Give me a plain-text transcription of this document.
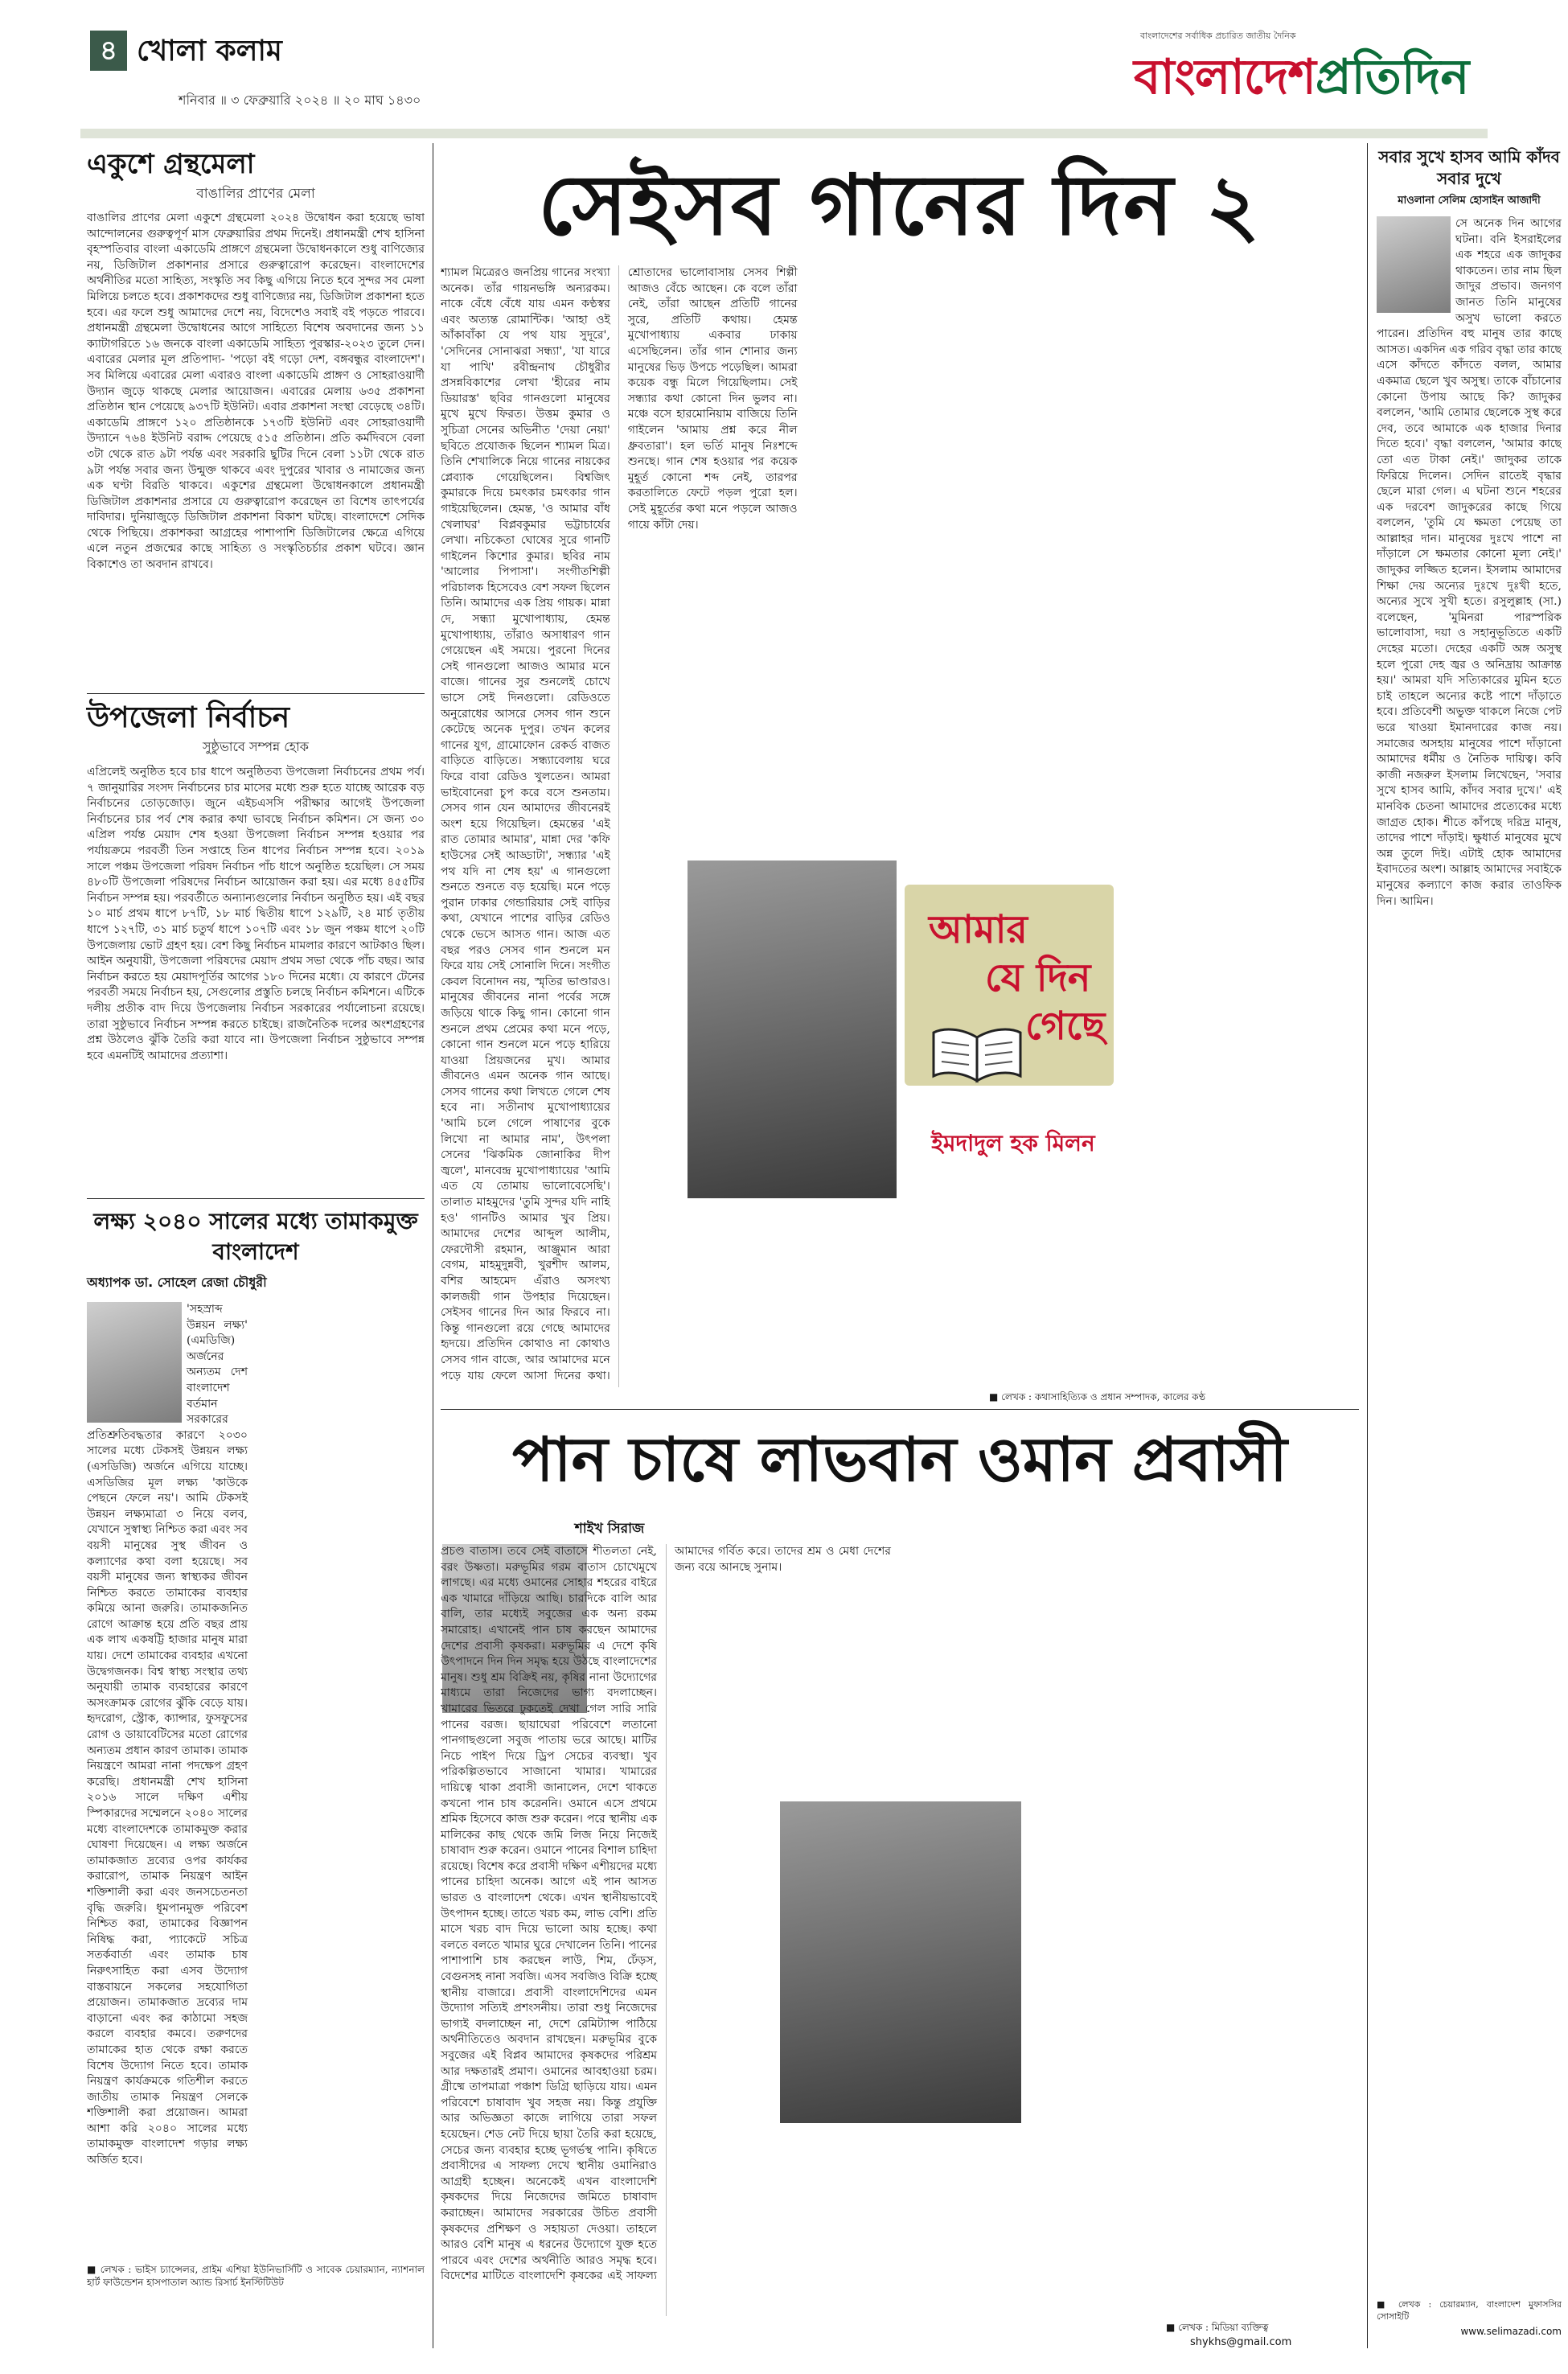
৪ খোলা কলাম
শনিবার ॥ ৩ ফেব্রুয়ারি ২০২৪ ॥ ২০ মাঘ ১৪৩০
বাংলাদেশের সর্বাধিক প্রচারিত জাতীয় দৈনিক
বাংলাদেশপ্রতিদিন
একুশে গ্রন্থমেলা
বাঙালির প্রাণের মেলা
বাঙালির প্রাণের মেলা একুশে গ্রন্থমেলা ২০২৪ উদ্বোধন করা হয়েছে ভাষা আন্দোলনের গুরুত্বপূর্ণ মাস ফেব্রুয়ারির প্রথম দিনেই। প্রধানমন্ত্রী শেখ হাসিনা বৃহস্পতিবার বাংলা একাডেমি প্রাঙ্গণে গ্রন্থমেলা উদ্বোধনকালে শুধু বাণিজ্যের নয়, ডিজিটাল প্রকাশনার প্রসারে গুরুত্বারোপ করেছেন। বাংলাদেশের অর্থনীতির মতো সাহিত্য, সংস্কৃতি সব কিছু এগিয়ে নিতে হবে সুন্দর সব মেলা মিলিয়ে চলতে হবে। প্রকাশকদের শুধু বাণিজ্যের নয়, ডিজিটাল প্রকাশনা হতে হবে। এর ফলে শুধু আমাদের দেশে নয়, বিদেশেও সবাই বই পড়তে পারবে। প্রধানমন্ত্রী গ্রন্থমেলা উদ্বোধনের আগে সাহিত্যে বিশেষ অবদানের জন্য ১১ ক্যাটাগরিতে ১৬ জনকে বাংলা একাডেমি সাহিত্য পুরস্কার-২০২৩ তুলে দেন। এবারের মেলার মূল প্রতিপাদ্য- 'পড়ো বই গড়ো দেশ, বঙ্গবন্ধুর বাংলাদেশ'। সব মিলিয়ে এবারের মেলা এবারও বাংলা একাডেমি প্রাঙ্গণ ও সোহরাওয়ার্দী উদ্যান জুড়ে থাকছে মেলার আয়োজন। এবারের মেলায় ৬৩৫ প্রকাশনা প্রতিষ্ঠান স্থান পেয়েছে ৯৩৭টি ইউনিট। এবার প্রকাশনা সংস্থা বেড়েছে ৩৪টি। একাডেমি প্রাঙ্গণে ১২০ প্রতিষ্ঠানকে ১৭৩টি ইউনিট এবং সোহরাওয়ার্দী উদ্যানে ৭৬৪ ইউনিট বরাদ্দ পেয়েছে ৫১৫ প্রতিষ্ঠান। প্রতি কর্মদিবসে বেলা ৩টা থেকে রাত ৯টা পর্যন্ত এবং সরকারি ছুটির দিনে বেলা ১১টা থেকে রাত ৯টা পর্যন্ত সবার জন্য উন্মুক্ত থাকবে এবং দুপুরের খাবার ও নামাজের জন্য এক ঘণ্টা বিরতি থাকবে। একুশের গ্রন্থমেলা উদ্বোধনকালে প্রধানমন্ত্রী ডিজিটাল প্রকাশনার প্রসারে যে গুরুত্বারোপ করেছেন তা বিশেষ তাৎপর্যের দাবিদার। দুনিয়াজুড়ে ডিজিটাল প্রকাশনা বিকাশ ঘটছে। বাংলাদেশে সেদিক থেকে পিছিয়ে। প্রকাশকরা আগ্রহের পাশাপাশি ডিজিটালের ক্ষেত্রে এগিয়ে এলে নতুন প্রজন্মের কাছে সাহিত্য ও সংস্কৃতিচর্চার প্রকাশ ঘটবে। জ্ঞান বিকাশেও তা অবদান রাখবে।
উপজেলা নির্বাচন
সুষ্ঠুভাবে সম্পন্ন হোক
এপ্রিলেই অনুষ্ঠিত হবে চার ধাপে অনুষ্ঠিতব্য উপজেলা নির্বাচনের প্রথম পর্ব। ৭ জানুয়ারির সংসদ নির্বাচনের চার মাসের মধ্যে শুরু হতে যাচ্ছে আরেক বড় নির্বাচনের তোড়জোড়। জুনে এইচএসসি পরীক্ষার আগেই উপজেলা নির্বাচনের চার পর্ব শেষ করার কথা ভাবছে নির্বাচন কমিশন। সে জন্য ৩০ এপ্রিল পর্যন্ত মেয়াদ শেষ হওয়া উপজেলা নির্বাচন সম্পন্ন হওয়ার পর পর্যায়ক্রমে পরবর্তী তিন সপ্তাহে তিন ধাপের নির্বাচন সম্পন্ন হবে। ২০১৯ সালে পঞ্চম উপজেলা পরিষদ নির্বাচন পাঁচ ধাপে অনুষ্ঠিত হয়েছিল। সে সময় ৪৮০টি উপজেলা পরিষদের নির্বাচন আয়োজন করা হয়। এর মধ্যে ৪৫৫টির নির্বাচন সম্পন্ন হয়। পরবর্তীতে অন্যান্যগুলোর নির্বাচন অনুষ্ঠিত হয়। এই বছর ১০ মার্চ প্রথম ধাপে ৮৭টি, ১৮ মার্চ দ্বিতীয় ধাপে ১২৯টি, ২৪ মার্চ তৃতীয় ধাপে ১২৭টি, ৩১ মার্চ চতুর্থ ধাপে ১০৭টি এবং ১৮ জুন পঞ্চম ধাপে ২০টি উপজেলায় ভোট গ্রহণ হয়। বেশ কিছু নির্বাচন মামলার কারণে আটকাও ছিল। আইন অনুযায়ী, উপজেলা পরিষদের মেয়াদ প্রথম সভা থেকে পাঁচ বছর। আর নির্বাচন করতে হয় মেয়াদপূর্তির আগের ১৮০ দিনের মধ্যে। যে কারণে টেনের পরবর্তী সময়ে নির্বাচন হয়, সেগুলোর প্রস্তুতি চলছে নির্বাচন কমিশনে। এটিকে দলীয় প্রতীক বাদ দিয়ে উপজেলায় নির্বাচন সরকারের পর্যালোচনা রয়েছে। তারা সুষ্ঠুভাবে নির্বাচন সম্পন্ন করতে চাইছে। রাজনৈতিক দলের অংশগ্রহণের প্রশ্ন উঠলেও ঝুঁকি তৈরি করা যাবে না। উপজেলা নির্বাচন সুষ্ঠুভাবে সম্পন্ন হবে এমনটিই আমাদের প্রত্যাশা।
লক্ষ্য ২০৪০ সালের মধ্যে তামাকমুক্ত বাংলাদেশ
অধ্যাপক ডা. সোহেল রেজা চৌধুরী
'সহস্রাব্দ উন্নয়ন লক্ষ্য' (এমডিজি) অর্জনের অন্যতম দেশ বাংলাদেশ বর্তমান সরকারের প্রতিশ্রুতিবদ্ধতার কারণে ২০৩০ সালের মধ্যে টেকসই উন্নয়ন লক্ষ্য (এসডিজি) অর্জনে এগিয়ে যাচ্ছে। এসডিজির মূল লক্ষ্য 'কাউকে পেছনে ফেলে নয়'। আমি টেকসই উন্নয়ন লক্ষ্যমাত্রা ৩ নিয়ে বলব, যেখানে সুস্বাস্থ্য নিশ্চিত করা এবং সব বয়সী মানুষের সুস্থ জীবন ও কল্যাণের কথা বলা হয়েছে। সব বয়সী মানুষের জন্য স্বাস্থ্যকর জীবন নিশ্চিত করতে তামাকের ব্যবহার কমিয়ে আনা জরুরি। তামাকজনিত রোগে আক্রান্ত হয়ে প্রতি বছর প্রায় এক লাখ একষট্টি হাজার মানুষ মারা যায়। দেশে তামাকের ব্যবহার এখনো উদ্বেগজনক। বিশ্ব স্বাস্থ্য সংস্থার তথ্য অনুযায়ী তামাক ব্যবহারের কারণে অসংক্রামক রোগের ঝুঁকি বেড়ে যায়। হৃদরোগ, স্ট্রোক, ক্যান্সার, ফুসফুসের রোগ ও ডায়াবেটিসের মতো রোগের অন্যতম প্রধান কারণ তামাক। তামাক নিয়ন্ত্রণে আমরা নানা পদক্ষেপ গ্রহণ করেছি। প্রধানমন্ত্রী শেখ হাসিনা ২০১৬ সালে দক্ষিণ এশীয় স্পিকারদের সম্মেলনে ২০৪০ সালের মধ্যে বাংলাদেশকে তামাকমুক্ত করার ঘোষণা দিয়েছেন। এ লক্ষ্য অর্জনে তামাকজাত দ্রব্যের ওপর কার্যকর করারোপ, তামাক নিয়ন্ত্রণ আইন শক্তিশালী করা এবং জনসচেতনতা বৃদ্ধি জরুরি। ধূমপানমুক্ত পরিবেশ নিশ্চিত করা, তামাকের বিজ্ঞাপন নিষিদ্ধ করা, প্যাকেটে সচিত্র সতর্কবার্তা এবং তামাক চাষ নিরুৎসাহিত করা এসব উদ্যোগ বাস্তবায়নে সকলের সহযোগিতা প্রয়োজন। তামাকজাত দ্রব্যের দাম বাড়ানো এবং কর কাঠামো সহজ করলে ব্যবহার কমবে। তরুণদের তামাকের হাত থেকে রক্ষা করতে বিশেষ উদ্যোগ নিতে হবে। তামাক নিয়ন্ত্রণ কার্যক্রমকে গতিশীল করতে জাতীয় তামাক নিয়ন্ত্রণ সেলকে শক্তিশালী করা প্রয়োজন। আমরা আশা করি ২০৪০ সালের মধ্যে তামাকমুক্ত বাংলাদেশ গড়ার লক্ষ্য অর্জিত হবে।
■ লেখক : ভাইস চ্যান্সেলর, প্রাইম এশিয়া ইউনিভার্সিটি ও সাবেক চেয়ারম্যান, ন্যাশনাল হার্ট ফাউন্ডেশন হাসপাতাল অ্যান্ড রিসার্চ ইনস্টিটিউট
সেইসব গানের দিন ২
আমার
যে দিন
গেছে
ইমদাদুল হক মিলন
শ্যামল মিত্রেরও জনপ্রিয় গানের সংখ্যা অনেক। তাঁর গায়নভঙ্গি অন্যরকম। নাকে বেঁধে বেঁধে যায় এমন কণ্ঠস্বর এবং অত্যন্ত রোমান্টিক। 'আহা ওই আঁকাবাঁকা যে পথ যায় সুদূরে', 'সেদিনের সোনাঝরা সন্ধ্যা', 'যা যারে যা পাখি' রবীন্দ্রনাথ চৌধুরীর প্রসন্নবিকাশের লেখা 'হীরের নাম ডিয়ারস্ত' ছবির গানগুলো মানুষের মুখে মুখে ফিরত। উত্তম কুমার ও সুচিত্রা সেনের অভিনীত 'দেয়া নেয়া' ছবিতে প্রযোজক ছিলেন শ্যামল মিত্র। তিনি শেখালিকে নিয়ে গানের নায়কের প্লেব্যাক গেয়েছিলেন। বিশ্বজিৎ কুমারকে দিয়ে চমৎকার চমৎকার গান গাইয়েছিলেন। হেমন্ত, 'ও আমার বাঁধ খেলাঘর' বিপ্লবকুমার ভট্টাচার্যের লেখা। নচিকেতা ঘোষের সুরে গানটি গাইলেন কিশোর কুমার। ছবির নাম 'আলোর পিপাসা'। সংগীতশিল্পী পরিচালক হিসেবেও বেশ সফল ছিলেন তিনি। আমাদের এক প্রিয় গায়ক। মান্না দে, সন্ধ্যা মুখোপাধ্যায়, হেমন্ত মুখোপাধ্যায়, তাঁরাও অসাধারণ গান গেয়েছেন এই সময়ে। পুরনো দিনের সেই গানগুলো আজও আমার মনে বাজে। গানের সুর শুনলেই চোখে ভাসে সেই দিনগুলো। রেডিওতে অনুরোধের আসরে সেসব গান শুনে কেটেছে অনেক দুপুর। তখন কলের গানের যুগ, গ্রামোফোন রেকর্ড বাজত বাড়িতে বাড়িতে। সন্ধ্যাবেলায় ঘরে ফিরে বাবা রেডিও খুলতেন। আমরা ভাইবোনেরা চুপ করে বসে শুনতাম। সেসব গান যেন আমাদের জীবনেরই অংশ হয়ে গিয়েছিল। হেমন্তের 'এই রাত তোমার আমার', মান্না দের 'কফি হাউসের সেই আড্ডাটা', সন্ধ্যার 'এই পথ যদি না শেষ হয়' এ গানগুলো শুনতে শুনতে বড় হয়েছি। মনে পড়ে পুরান ঢাকার গেন্ডারিয়ার সেই বাড়ির কথা, যেখানে পাশের বাড়ির রেডিও থেকে ভেসে আসত গান। আজ এত বছর পরও সেসব গান শুনলে মন ফিরে যায় সেই সোনালি দিনে। সংগীত কেবল বিনোদন নয়, স্মৃতির ভাণ্ডারও। মানুষের জীবনের নানা পর্বের সঙ্গে জড়িয়ে থাকে কিছু গান। কোনো গান শুনলে প্রথম প্রেমের কথা মনে পড়ে, কোনো গান শুনলে মনে পড়ে হারিয়ে যাওয়া প্রিয়জনের মুখ। আমার জীবনেও এমন অনেক গান আছে। সেসব গানের কথা লিখতে গেলে শেষ হবে না। সতীনাথ মুখোপাধ্যায়ের 'আমি চলে গেলে পাষাণের বুকে লিখো না আমার নাম', উৎপলা সেনের 'ঝিকমিক জোনাকির দীপ জ্বলে', মানবেন্দ্র মুখোপাধ্যায়ের 'আমি এত যে তোমায় ভালোবেসেছি'। তালাত মাহমুদের 'তুমি সুন্দর যদি নাহি হও' গানটিও আমার খুব প্রিয়। আমাদের দেশের আব্দুল আলীম, ফেরদৌসী রহমান, আঞ্জুমান আরা বেগম, মাহমুদুন্নবী, খুরশীদ আলম, বশির আহমেদ এঁরাও অসংখ্য কালজয়ী গান উপহার দিয়েছেন। সেইসব গানের দিন আর ফিরবে না। কিন্তু গানগুলো রয়ে গেছে আমাদের হৃদয়ে। প্রতিদিন কোথাও না কোথাও সেসব গান বাজে, আর আমাদের মনে পড়ে যায় ফেলে আসা দিনের কথা। শ্রোতাদের ভালোবাসায় সেসব শিল্পী আজও বেঁচে আছেন। কে বলে তাঁরা নেই, তাঁরা আছেন প্রতিটি গানের সুরে, প্রতিটি কথায়। হেমন্ত মুখোপাধ্যায় একবার ঢাকায় এসেছিলেন। তাঁর গান শোনার জন্য মানুষের ভিড় উপচে পড়েছিল। আমরা কয়েক বন্ধু মিলে গিয়েছিলাম। সেই সন্ধ্যার কথা কোনো দিন ভুলব না। মঞ্চে বসে হারমোনিয়াম বাজিয়ে তিনি গাইলেন 'আমায় প্রশ্ন করে নীল ধ্রুবতারা'। হল ভর্তি মানুষ নিঃশব্দে শুনছে। গান শেষ হওয়ার পর কয়েক মুহূর্ত কোনো শব্দ নেই, তারপর করতালিতে ফেটে পড়ল পুরো হল। সেই মুহূর্তের কথা মনে পড়লে আজও গায়ে কাঁটা দেয়।
■ লেখক : কথাসাহিত্যিক ও প্রধান সম্পাদক, কালের কণ্ঠ
পান চাষে লাভবান ওমান প্রবাসী
শাইখ সিরাজ
প্রচণ্ড বাতাস। তবে সেই বাতাসে শীতলতা নেই, বরং উষ্ণতা। মরুভূমির গরম বাতাস চোখেমুখে লাগছে। এর মধ্যে ওমানের সোহার শহরের বাইরে এক খামারে দাঁড়িয়ে আছি। চারদিকে বালি আর বালি, তার মধ্যেই সবুজের এক অন্য রকম সমারোহ। এখানেই পান চাষ করছেন আমাদের দেশের প্রবাসী কৃষকরা। মরুভূমির এ দেশে কৃষি উৎপাদনে দিন দিন সমৃদ্ধ হয়ে উঠছে বাংলাদেশের মানুষ। শুধু শ্রম বিক্রিই নয়, কৃষির নানা উদ্যোগের মাধ্যমে তারা নিজেদের ভাগ্য বদলাচ্ছেন। খামারের ভিতরে ঢুকতেই দেখা গেল সারি সারি পানের বরজ। ছায়াঘেরা পরিবেশে লতানো পানগাছগুলো সবুজ পাতায় ভরে আছে। মাটির নিচে পাইপ দিয়ে ড্রিপ সেচের ব্যবস্থা। খুব পরিকল্পিতভাবে সাজানো খামার। খামারের দায়িত্বে থাকা প্রবাসী জানালেন, দেশে থাকতে কখনো পান চাষ করেননি। ওমানে এসে প্রথমে শ্রমিক হিসেবে কাজ শুরু করেন। পরে স্থানীয় এক মালিকের কাছ থেকে জমি লিজ নিয়ে নিজেই চাষাবাদ শুরু করেন। ওমানে পানের বিশাল চাহিদা রয়েছে। বিশেষ করে প্রবাসী দক্ষিণ এশীয়দের মধ্যে পানের চাহিদা অনেক। আগে এই পান আসত ভারত ও বাংলাদেশ থেকে। এখন স্থানীয়ভাবেই উৎপাদন হচ্ছে। তাতে খরচ কম, লাভ বেশি। প্রতি মাসে খরচ বাদ দিয়ে ভালো আয় হচ্ছে। কথা বলতে বলতে খামার ঘুরে দেখালেন তিনি। পানের পাশাপাশি চাষ করছেন লাউ, শিম, ঢেঁড়স, বেগুনসহ নানা সবজি। এসব সবজিও বিক্রি হচ্ছে স্থানীয় বাজারে। প্রবাসী বাংলাদেশিদের এমন উদ্যোগ সত্যিই প্রশংসনীয়। তারা শুধু নিজেদের ভাগ্যই বদলাচ্ছেন না, দেশে রেমিট্যান্স পাঠিয়ে অর্থনীতিতেও অবদান রাখছেন। মরুভূমির বুকে সবুজের এই বিপ্লব আমাদের কৃষকদের পরিশ্রম আর দক্ষতারই প্রমাণ। ওমানের আবহাওয়া চরম। গ্রীষ্মে তাপমাত্রা পঞ্চাশ ডিগ্রি ছাড়িয়ে যায়। এমন পরিবেশে চাষাবাদ খুব সহজ নয়। কিন্তু প্রযুক্তি আর অভিজ্ঞতা কাজে লাগিয়ে তারা সফল হয়েছেন। শেড নেট দিয়ে ছায়া তৈরি করা হয়েছে, সেচের জন্য ব্যবহার হচ্ছে ভূগর্ভস্থ পানি। কৃষিতে প্রবাসীদের এ সাফল্য দেখে স্থানীয় ওমানিরাও আগ্রহী হচ্ছেন। অনেকেই এখন বাংলাদেশি কৃষকদের দিয়ে নিজেদের জমিতে চাষাবাদ করাচ্ছেন। আমাদের সরকারের উচিত প্রবাসী কৃষকদের প্রশিক্ষণ ও সহায়তা দেওয়া। তাহলে আরও বেশি মানুষ এ ধরনের উদ্যোগে যুক্ত হতে পারবে এবং দেশের অর্থনীতি আরও সমৃদ্ধ হবে। বিদেশের মাটিতে বাংলাদেশি কৃষকের এই সাফল্য আমাদের গর্বিত করে। তাদের শ্রম ও মেধা দেশের জন্য বয়ে আনছে সুনাম।
■ লেখক : মিডিয়া ব্যক্তিত্ব
shykhs@gmail.com
সবার সুখে হাসব আমি কাঁদব সবার দুখে
মাওলানা সেলিম হোসাইন আজাদী
সে অনেক দিন আগের ঘটনা। বনি ইসরাইলের এক শহরে এক জাদুকর থাকতেন। তার নাম ছিল জাদুর প্রভাব। জনগণ জানত তিনি মানুষের অসুখ ভালো করতে পারেন। প্রতিদিন বহু মানুষ তার কাছে আসত। একদিন এক গরিব বৃদ্ধা তার কাছে এসে কাঁদতে কাঁদতে বলল, আমার একমাত্র ছেলে খুব অসুস্থ। তাকে বাঁচানোর কোনো উপায় আছে কি? জাদুকর বললেন, 'আমি তোমার ছেলেকে সুস্থ করে দেব, তবে আমাকে এক হাজার দিনার দিতে হবে।' বৃদ্ধা বললেন, 'আমার কাছে তো এত টাকা নেই।' জাদুকর তাকে ফিরিয়ে দিলেন। সেদিন রাতেই বৃদ্ধার ছেলে মারা গেল। এ ঘটনা শুনে শহরের এক দরবেশ জাদুকরের কাছে গিয়ে বললেন, 'তুমি যে ক্ষমতা পেয়েছ তা আল্লাহর দান। মানুষের দুঃখে পাশে না দাঁড়ালে সে ক্ষমতার কোনো মূল্য নেই।' জাদুকর লজ্জিত হলেন। ইসলাম আমাদের শিক্ষা দেয় অন্যের দুঃখে দুঃখী হতে, অন্যের সুখে সুখী হতে। রসুলুল্লাহ (সা.) বলেছেন, 'মুমিনরা পারস্পরিক ভালোবাসা, দয়া ও সহানুভূতিতে একটি দেহের মতো। দেহের একটি অঙ্গ অসুস্থ হলে পুরো দেহ জ্বর ও অনিদ্রায় আক্রান্ত হয়।' আমরা যদি সত্যিকারের মুমিন হতে চাই তাহলে অন্যের কষ্টে পাশে দাঁড়াতে হবে। প্রতিবেশী অভুক্ত থাকলে নিজে পেট ভরে খাওয়া ইমানদারের কাজ নয়। সমাজের অসহায় মানুষের পাশে দাঁড়ানো আমাদের ধর্মীয় ও নৈতিক দায়িত্ব। কবি কাজী নজরুল ইসলাম লিখেছেন, 'সবার সুখে হাসব আমি, কাঁদব সবার দুখে।' এই মানবিক চেতনা আমাদের প্রত্যেকের মধ্যে জাগ্রত হোক। শীতে কাঁপছে দরিদ্র মানুষ, তাদের পাশে দাঁড়াই। ক্ষুধার্ত মানুষের মুখে অন্ন তুলে দিই। এটাই হোক আমাদের ইবাদতের অংশ। আল্লাহ আমাদের সবাইকে মানুষের কল্যাণে কাজ করার তাওফিক দিন। আমিন।
■ লেখক : চেয়ারম্যান, বাংলাদেশ মুফাসসির সোসাইটি
www.selimazadi.com
